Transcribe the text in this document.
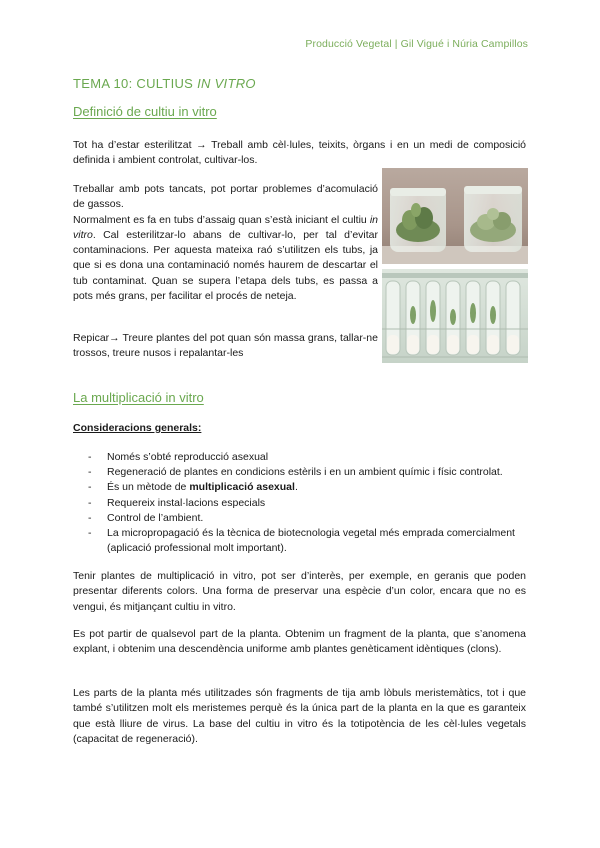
Producció Vegetal | Gil Vigué i Núria Campillos
TEMA 10: CULTIUS IN VITRO
Definició de cultiu in vitro

Tot ha d’estar esterilitzat → Treball amb cèl·lules, teixits, òrgans i en un medi de composició definida i ambient controlat, cultivar-los.

Treballar amb pots tancats, pot portar problemes d’acomulació de gassos.

Normalment es fa en tubs d’assaig quan s’està iniciant el cultiu in vitro. Cal esterilitzar-lo abans de cultivar-lo, per tal d’evitar contaminacions. Per aquesta mateixa raó s’utilitzen els tubs, ja que si es dona una contaminació només haurem de descartar el tub contaminat. Quan se supera l’etapa dels tubs, es passa a pots més grans, per facilitar el procés de neteja.

Repicar→ Treure plantes del pot quan són massa grans, tallar-ne trossos, treure nusos i repalantar-les

La multiplicació in vitro
Consideracions generals:
- Només s’obté reproducció asexual
- Regeneració de plantes en condicions estèrils i en un ambient químic i físic controlat.
- És un mètode de multiplicació asexual.
- Requereix instal·lacions especials
- Control de l’ambient.
- La micropropagació és la tècnica de biotecnologia vegetal més emprada comercialment (aplicació professional molt important).

Tenir plantes de multiplicació in vitro, pot ser d’interès, per exemple, en geranis que poden presentar diferents colors. Una forma de preservar una espècie d’un color, encara que no es vengui, és mitjançant cultiu in vitro.

Es pot partir de qualsevol part de la planta. Obtenim un fragment de la planta, que s’anomena explant, i obtenim una descendència uniforme amb plantes genèticament idèntiques (clons).

Les parts de la planta més utilitzades són fragments de tija amb lòbuls meristemàtics, tot i que també s’utilitzen molt els meristemes perquè és la única part de la planta en la que es garanteix que està lliure de virus. La base del cultiu in vitro és la totipotència de les cèl·lules vegetals (capacitat de regeneració).
